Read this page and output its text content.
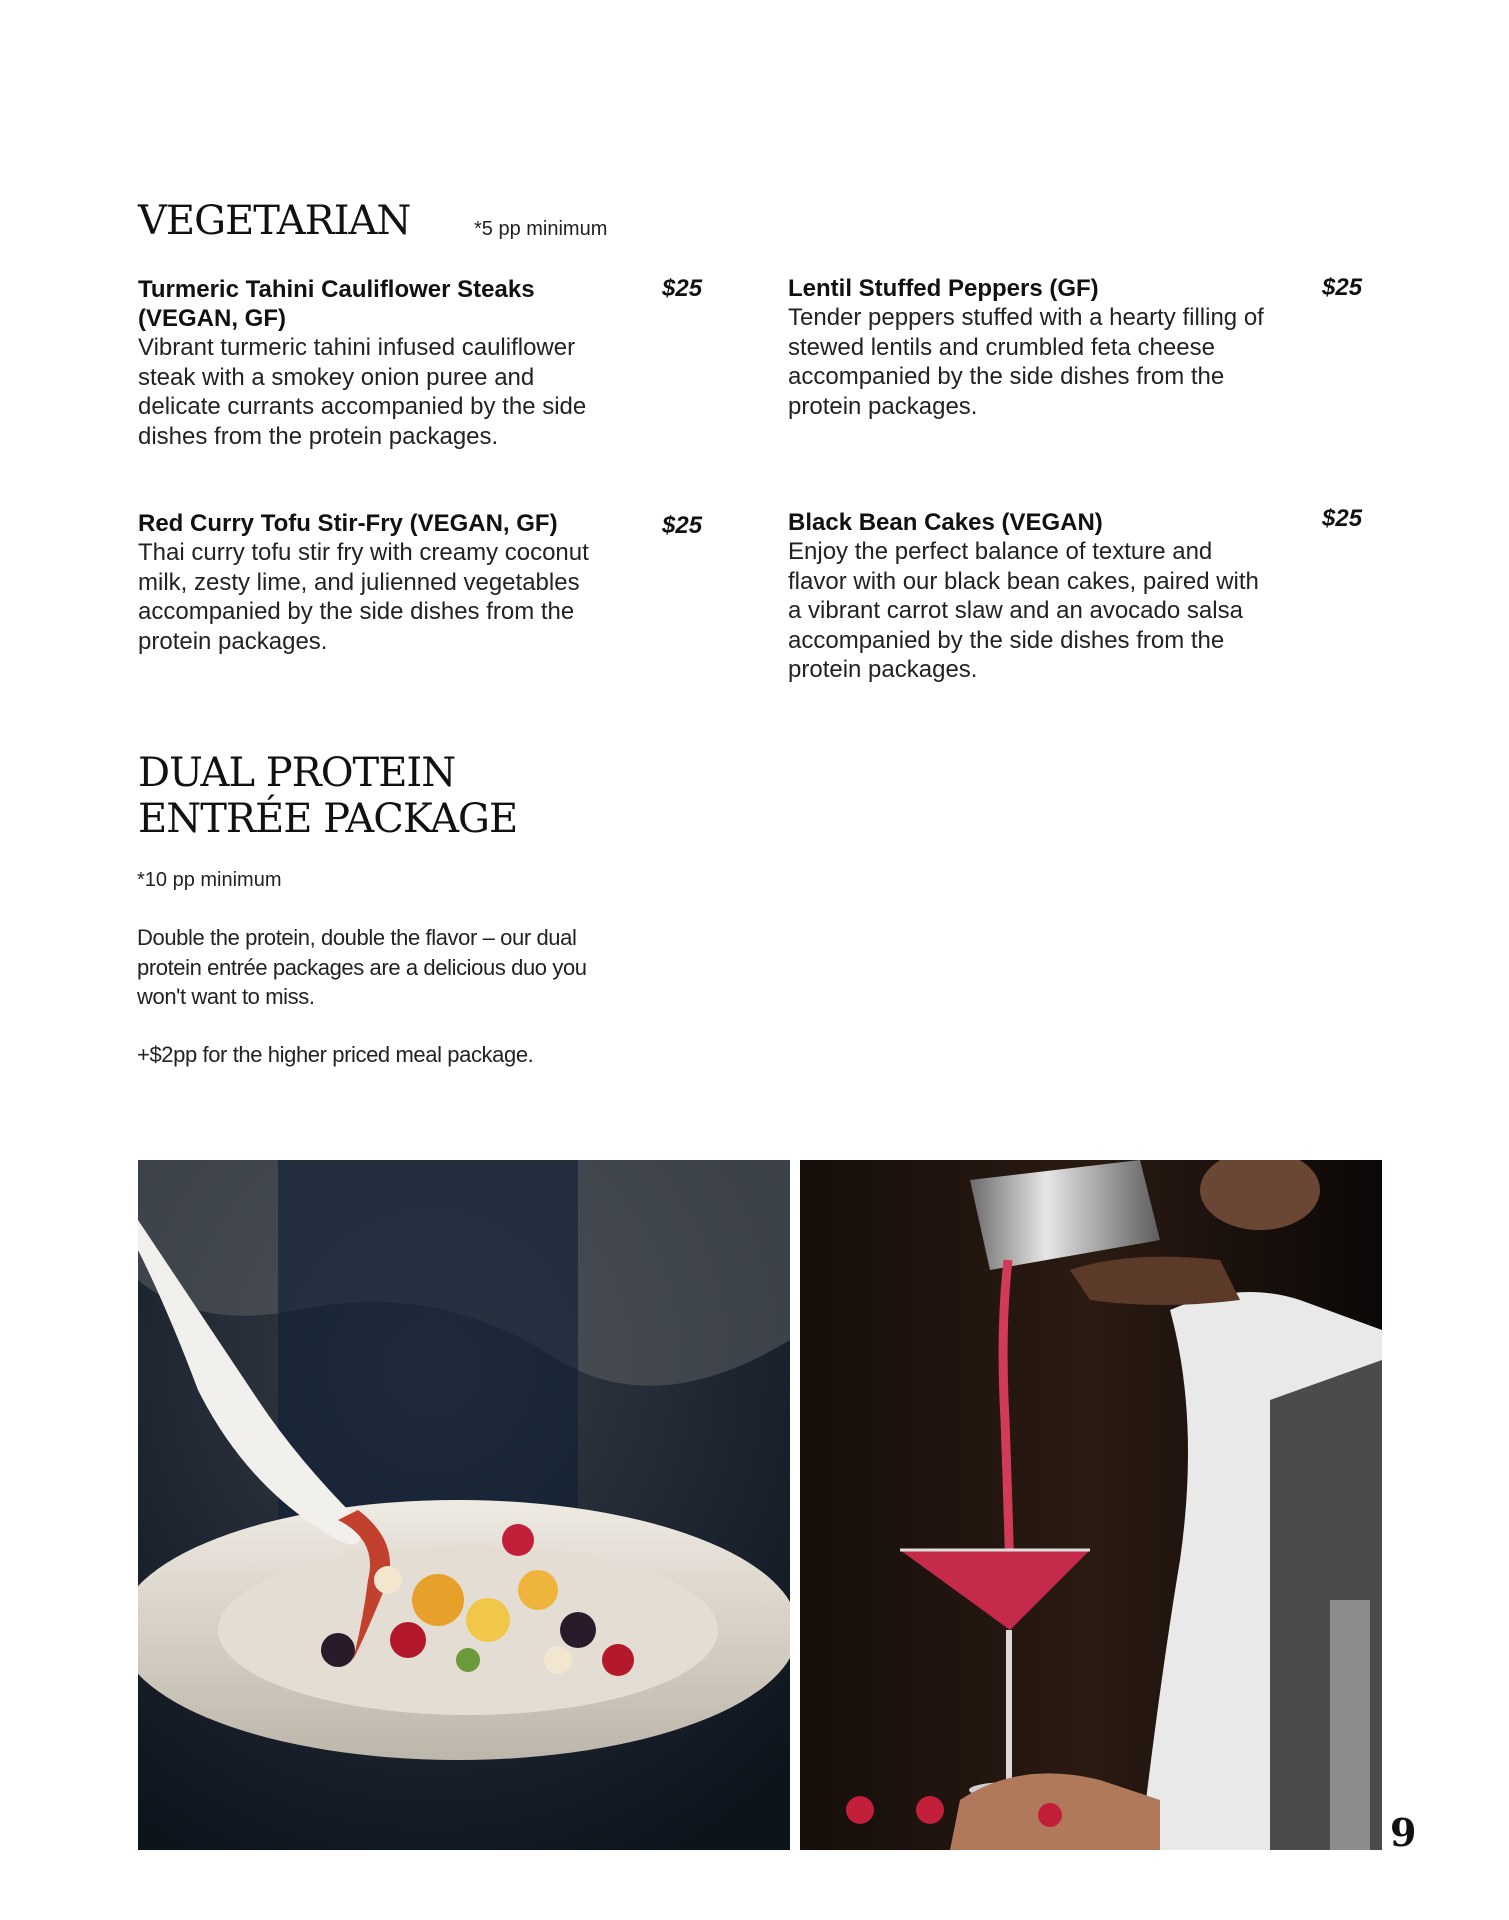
VEGETARIAN	*5 pp minimum
Turmeric Tahini Cauliflower Steaks (VEGAN, GF)
Vibrant turmeric tahini infused cauliflower steak with a smokey onion puree and delicate currants accompanied by the side dishes from the protein packages.
$25	Lentil Stuffed Peppers (GF)
Tender peppers stuffed with a hearty filling of stewed lentils and crumbled feta cheese accompanied by the side dishes from the protein packages.
$25
Red Curry Tofu Stir-Fry (VEGAN, GF)
Thai curry tofu stir fry with creamy coconut milk, zesty lime, and julienned vegetables accompanied by the side dishes from the protein packages.
$25	Black Bean Cakes (VEGAN)
Enjoy the perfect balance of texture and flavor with our black bean cakes, paired with a vibrant carrot slaw and an avocado salsa accompanied by the side dishes from the protein packages.
$25
DUAL PROTEIN
ENTRÉE PACKAGE
*10 pp minimum
Double the protein, double the flavor – our dual protein entrée packages are a delicious duo you won't want to miss.
+$2pp for the higher priced meal package.
9
